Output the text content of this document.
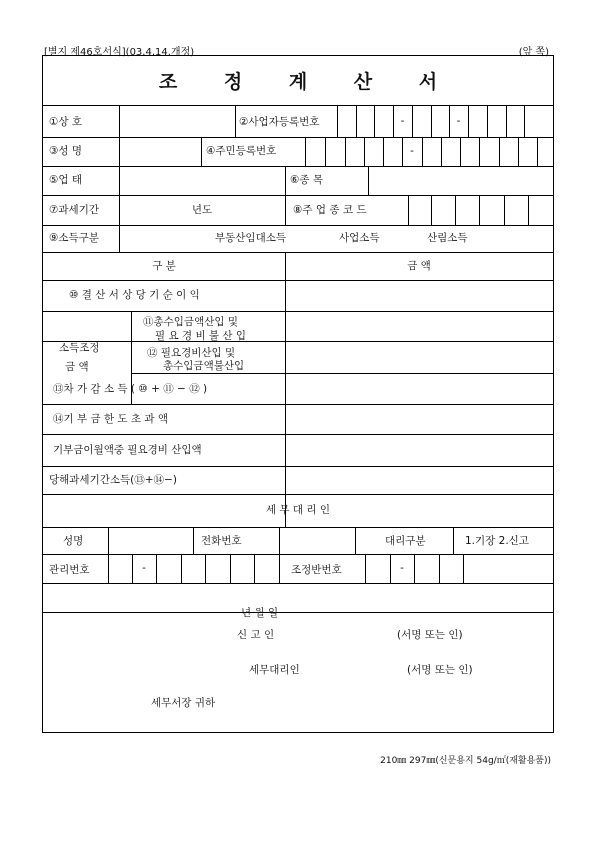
[별지 제46호서식](03.4.14.개정)	(앞 쪽)
조 정 계 산 서
①상 호	②사업자등록번호	-	-
③성 명	④주민등록번호	-
⑤업 태	⑥종 목
⑦과세기간	년도	⑧주 업 종 코 드
⑨소득구분	부동산임대소득	사업소득	산림소득
구 분	금 액
⑩ 결 산 서 상 당 기 순 이 익
소득조정
금 액
⑪총수입금액산입 및
필 요 경 비 불 산 입
⑫ 필요경비산입 및
총수입금액불산입
⑬차 가 감 소 득 ( ⑩ + ⑪ − ⑫ )
⑭기 부 금 한 도 초 과 액
기부금이월액중 필요경비 산입액
당해과세기간소득(⑬+⑭−)
세 무 대 리 인
성명	전화번호	대리구분	1.기장 2.신고
관리번호	-	조정반번호	-
년 월 일
신 고 인	(서명 또는 인)
세무대리인	(서명 또는 인)
세무서장 귀하
210㎜ 297㎜(신문용지 54g/㎡(재활용품))
